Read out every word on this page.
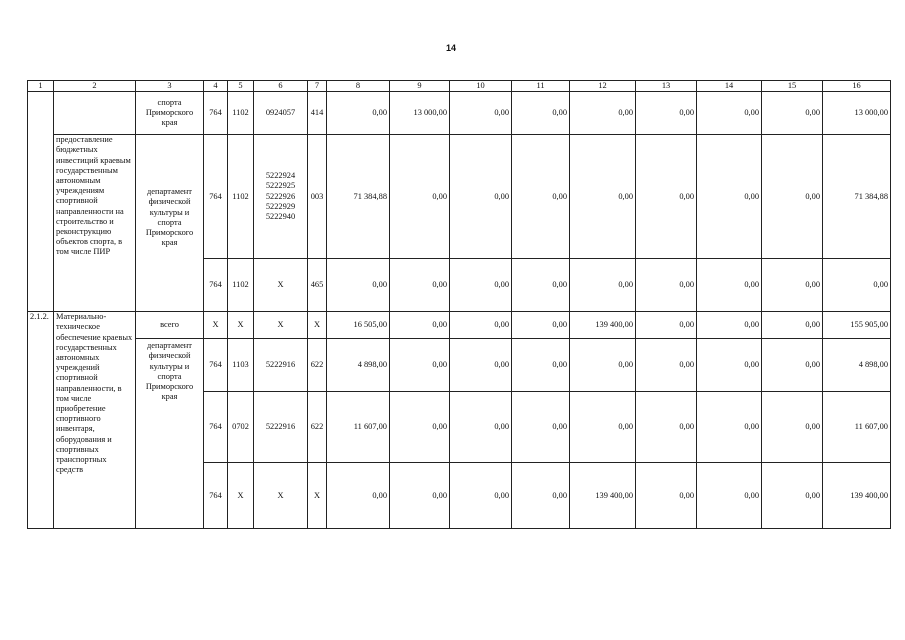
14
1	2	3	4	5	6	7	8	9	10	11	12	13	14	15	16
		спорта Приморского края	764	1102	0924057	414	0,00	13 000,00	0,00	0,00	0,00	0,00	0,00	0,00	13 000,00
	предоставление бюджетных инвестиций краевым государственным автономным учреждениям спортивной направленности на строительство и реконструкцию объектов спорта, в том числе ПИР	департамент физической культуры и спорта Приморского края	764	1102	5222924
5222925
5222926
5222929
5222940	003	71 384,88	0,00	0,00	0,00	0,00	0,00	0,00	0,00	71 384,88
			764	1102	X	465	0,00	0,00	0,00	0,00	0,00	0,00	0,00	0,00	0,00
2.1.2.	Материально-техническое обеспечение краевых государственных автономных учреждений спортивной направленности, в том числе приобретение спортивного инвентаря, оборудования и спортивных транспортных средств	всего	X	X	X	X	16 505,00	0,00	0,00	0,00	139 400,00	0,00	0,00	0,00	155 905,00
		департамент физической культуры и спорта Приморского края	764	1103	5222916	622	4 898,00	0,00	0,00	0,00	0,00	0,00	0,00	0,00	4 898,00
			764	0702	5222916	622	11 607,00	0,00	0,00	0,00	0,00	0,00	0,00	0,00	11 607,00
			764	X	X	X	0,00	0,00	0,00	0,00	139 400,00	0,00	0,00	0,00	139 400,00
